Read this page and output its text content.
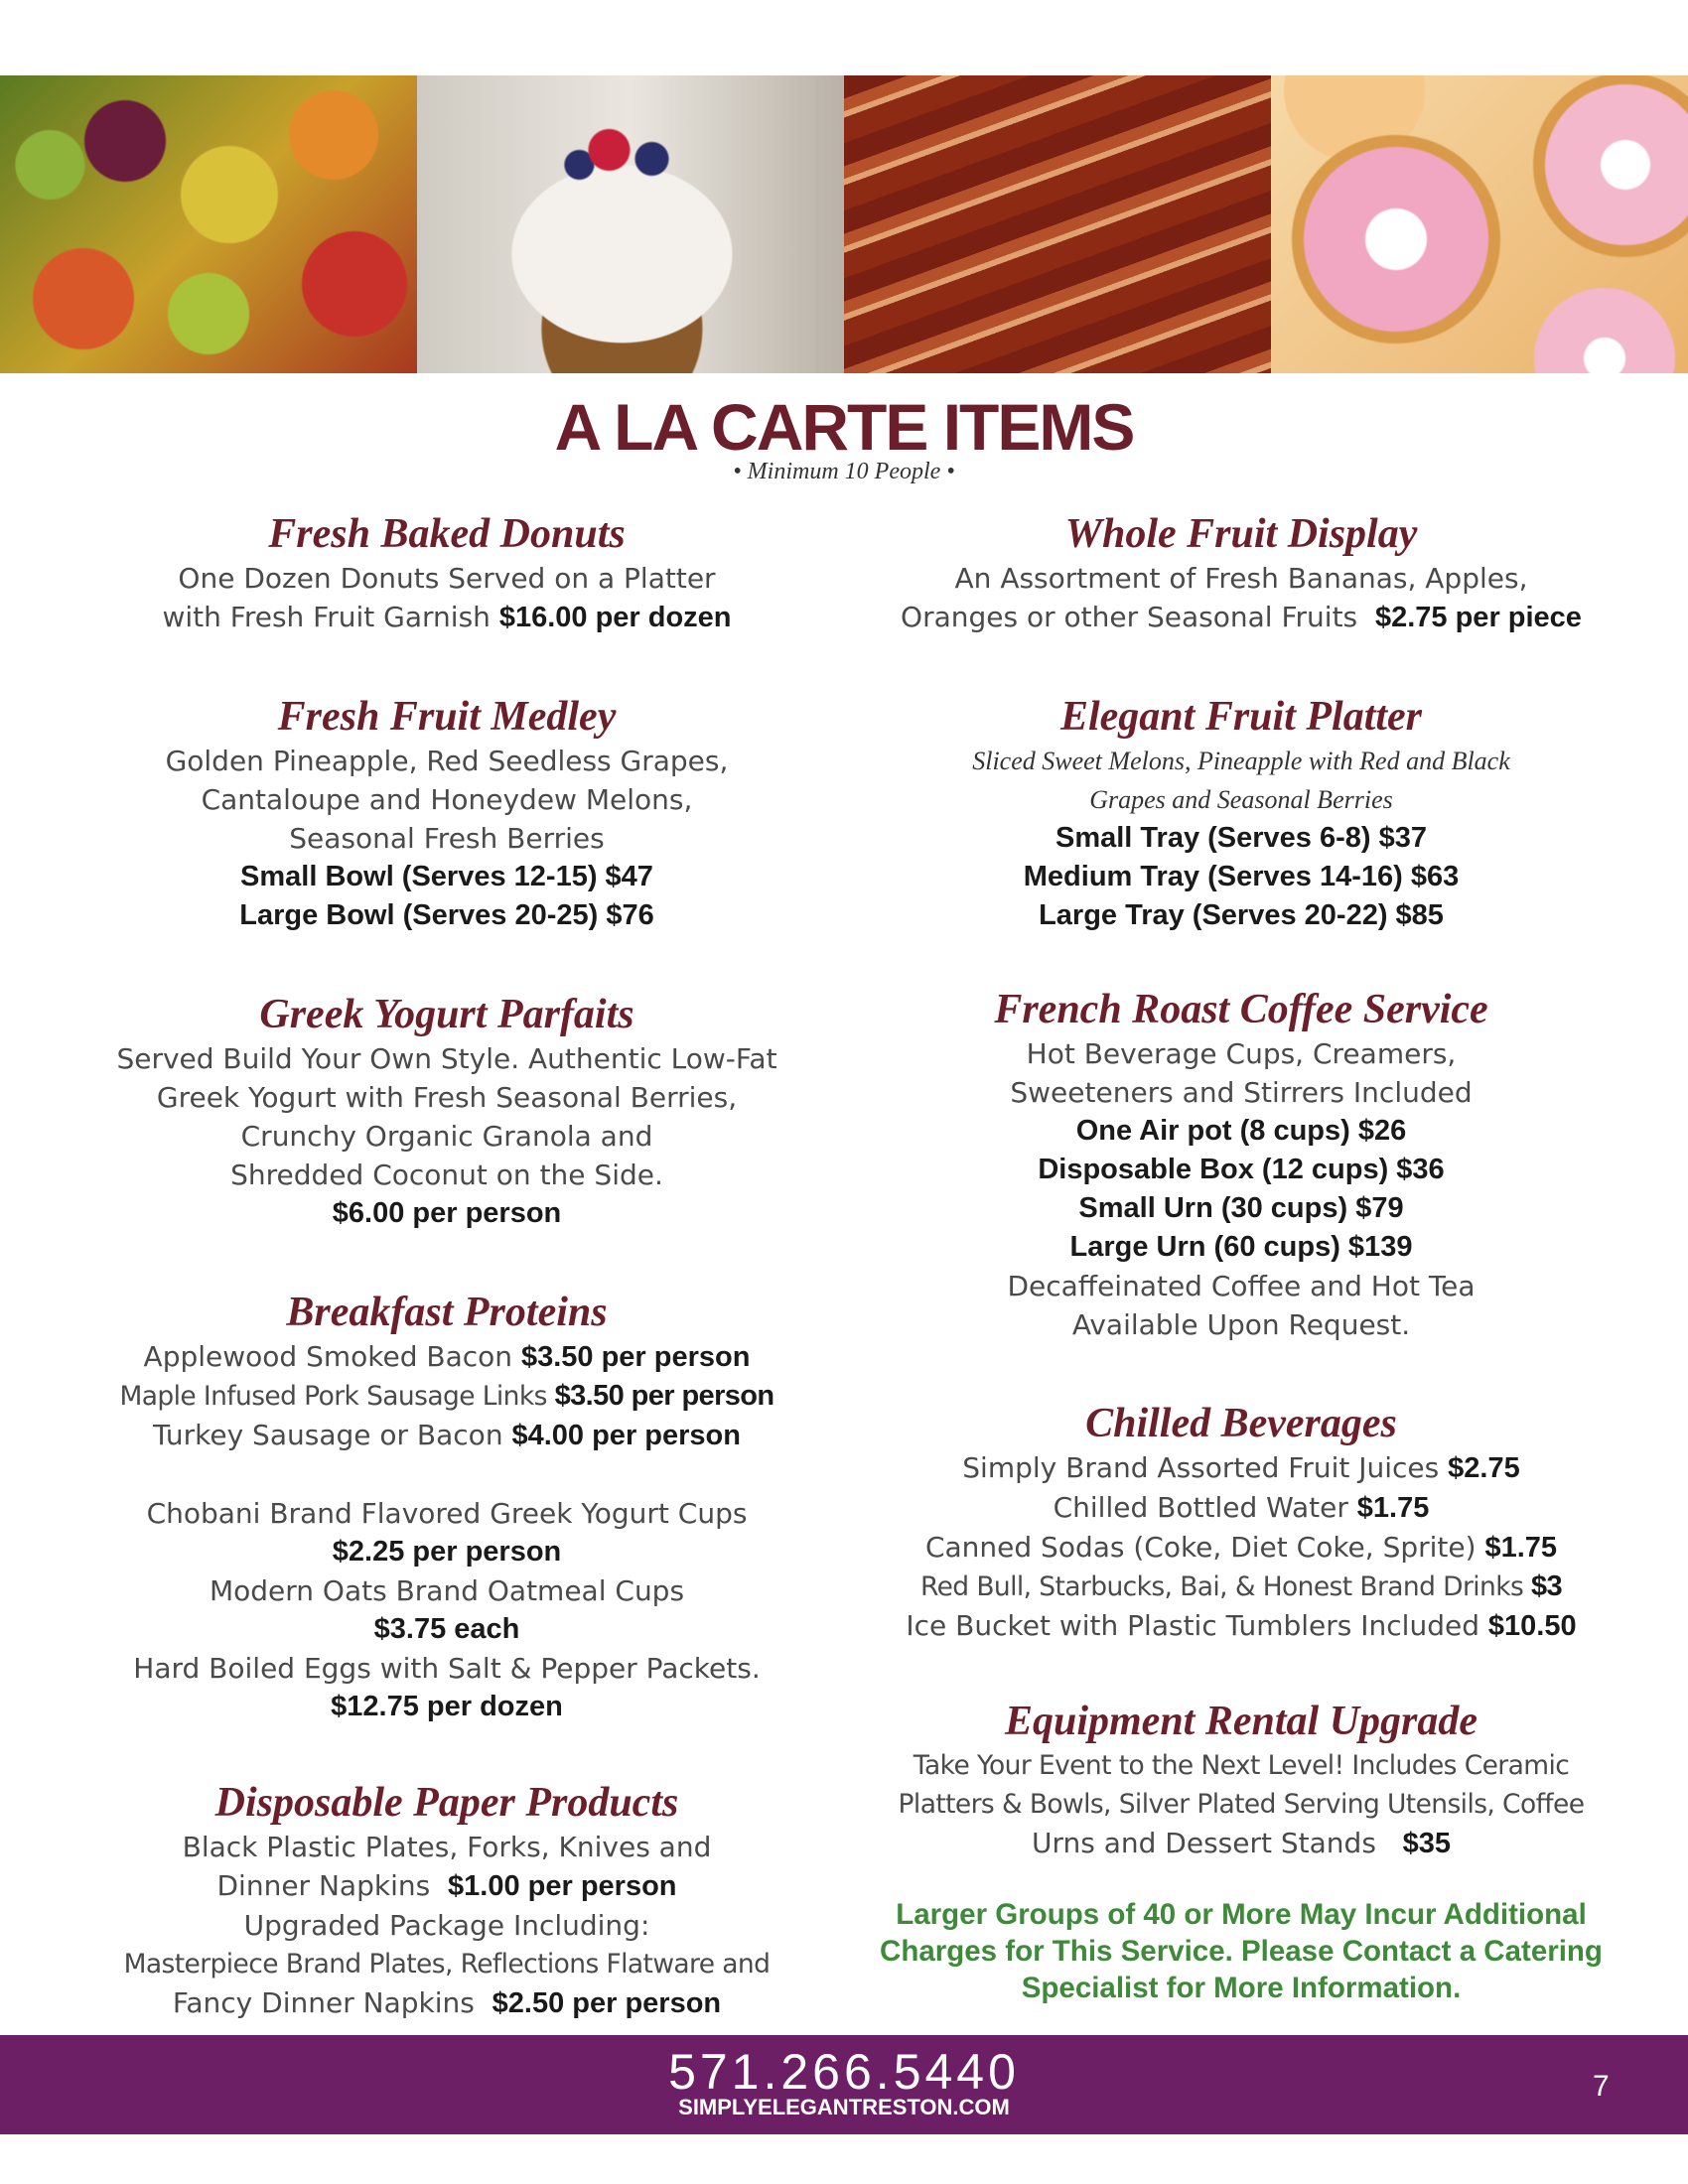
A LA CARTE ITEMS
• Minimum 10 People •
Fresh Baked Donuts
One Dozen Donuts Served on a Platter
with Fresh Fruit Garnish $16.00 per dozen
Fresh Fruit Medley
Golden Pineapple, Red Seedless Grapes,
Cantaloupe and Honeydew Melons,
Seasonal Fresh Berries
Small Bowl (Serves 12-15) $47
Large Bowl (Serves 20-25) $76
Greek Yogurt Parfaits
Served Build Your Own Style. Authentic Low-Fat
Greek Yogurt with Fresh Seasonal Berries,
Crunchy Organic Granola and
Shredded Coconut on the Side.
$6.00 per person
Breakfast Proteins
Applewood Smoked Bacon $3.50 per person
Maple Infused Pork Sausage Links $3.50 per person
Turkey Sausage or Bacon $4.00 per person
Chobani Brand Flavored Greek Yogurt Cups
$2.25 per person
Modern Oats Brand Oatmeal Cups
$3.75 each
Hard Boiled Eggs with Salt & Pepper Packets.
$12.75 per dozen
Disposable Paper Products
Black Plastic Plates, Forks, Knives and
Dinner Napkins $1.00 per person
Upgraded Package Including:
Masterpiece Brand Plates, Reflections Flatware and
Fancy Dinner Napkins $2.50 per person
Whole Fruit Display
An Assortment of Fresh Bananas, Apples,
Oranges or other Seasonal Fruits $2.75 per piece
Elegant Fruit Platter
Sliced Sweet Melons, Pineapple with Red and Black
Grapes and Seasonal Berries
Small Tray (Serves 6-8) $37
Medium Tray (Serves 14-16) $63
Large Tray (Serves 20-22) $85
French Roast Coffee Service
Hot Beverage Cups, Creamers,
Sweeteners and Stirrers Included
One Air pot (8 cups) $26
Disposable Box (12 cups) $36
Small Urn (30 cups) $79
Large Urn (60 cups) $139
Decaffeinated Coffee and Hot Tea
Available Upon Request.
Chilled Beverages
Simply Brand Assorted Fruit Juices $2.75
Chilled Bottled Water $1.75
Canned Sodas (Coke, Diet Coke, Sprite) $1.75
Red Bull, Starbucks, Bai, & Honest Brand Drinks $3
Ice Bucket with Plastic Tumblers Included $10.50
Equipment Rental Upgrade
Take Your Event to the Next Level! Includes Ceramic
Platters & Bowls, Silver Plated Serving Utensils, Coffee
Urns and Dessert Stands $35
Larger Groups of 40 or More May Incur Additional
Charges for This Service. Please Contact a Catering
Specialist for More Information.
571.266.5440
SIMPLYELEGANTRESTON.COM
7
